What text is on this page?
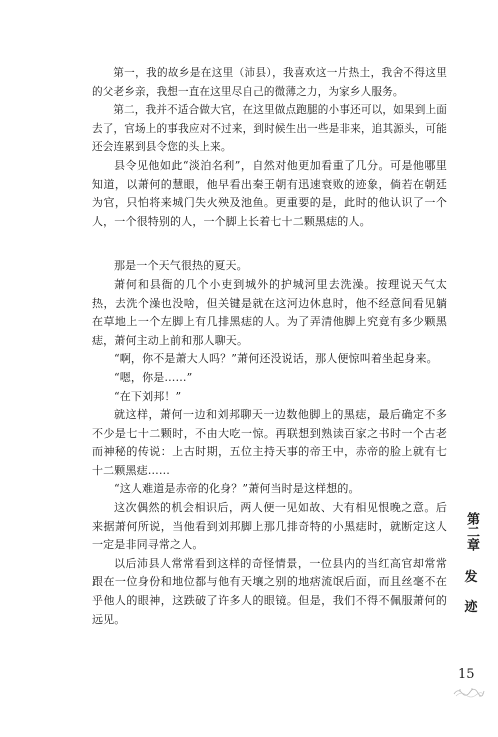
第一，我的故乡是在这里（沛县），我喜欢这一片热土，我舍不得这里的父老乡亲，我想一直在这里尽自己的微薄之力，为家乡人服务。

第二，我并不适合做大官，在这里做点跑腿的小事还可以，如果到上面去了，官场上的事我应对不过来，到时候生出一些是非来，追其源头，可能还会连累到县令您的头上来。

县令见他如此“淡泊名利”，自然对他更加看重了几分。可是他哪里知道，以萧何的慧眼，他早看出秦王朝有迅速衰败的迹象，倘若在朝廷为官，只怕将来城门失火殃及池鱼。更重要的是，此时的他认识了一个人，一个很特别的人，一个脚上长着七十二颗黑痣的人。

那是一个天气很热的夏天。

萧何和县衙的几个小吏到城外的护城河里去洗澡。按理说天气太热，去洗个澡也没啥，但关键是就在这河边休息时，他不经意间看见躺在草地上一个左脚上有几排黑痣的人。为了弄清他脚上究竟有多少颗黑痣，萧何主动上前和那人聊天。

“啊，你不是萧大人吗？”萧何还没说话，那人便惊叫着坐起身来。

“嗯，你是……”

“在下刘邦！”

就这样，萧何一边和刘邦聊天一边数他脚上的黑痣，最后确定不多不少是七十二颗时，不由大吃一惊。再联想到熟读百家之书时一个古老而神秘的传说：上古时期，五位主持天事的帝王中，赤帝的脸上就有七十二颗黑痣……

“这人难道是赤帝的化身？”萧何当时是这样想的。

这次偶然的机会相识后，两人便一见如故、大有相见恨晚之意。后来据萧何所说，当他看到刘邦脚上那几排奇特的小黑痣时，就断定这人一定是非同寻常之人。

以后沛县人常常看到这样的奇怪情景，一位县内的当红高官却常常跟在一位身份和地位都与他有天壤之别的地痞流氓后面，而且丝毫不在乎他人的眼神，这跌破了许多人的眼镜。但是，我们不得不佩服萧何的远见。

第二章
发
迹
15
